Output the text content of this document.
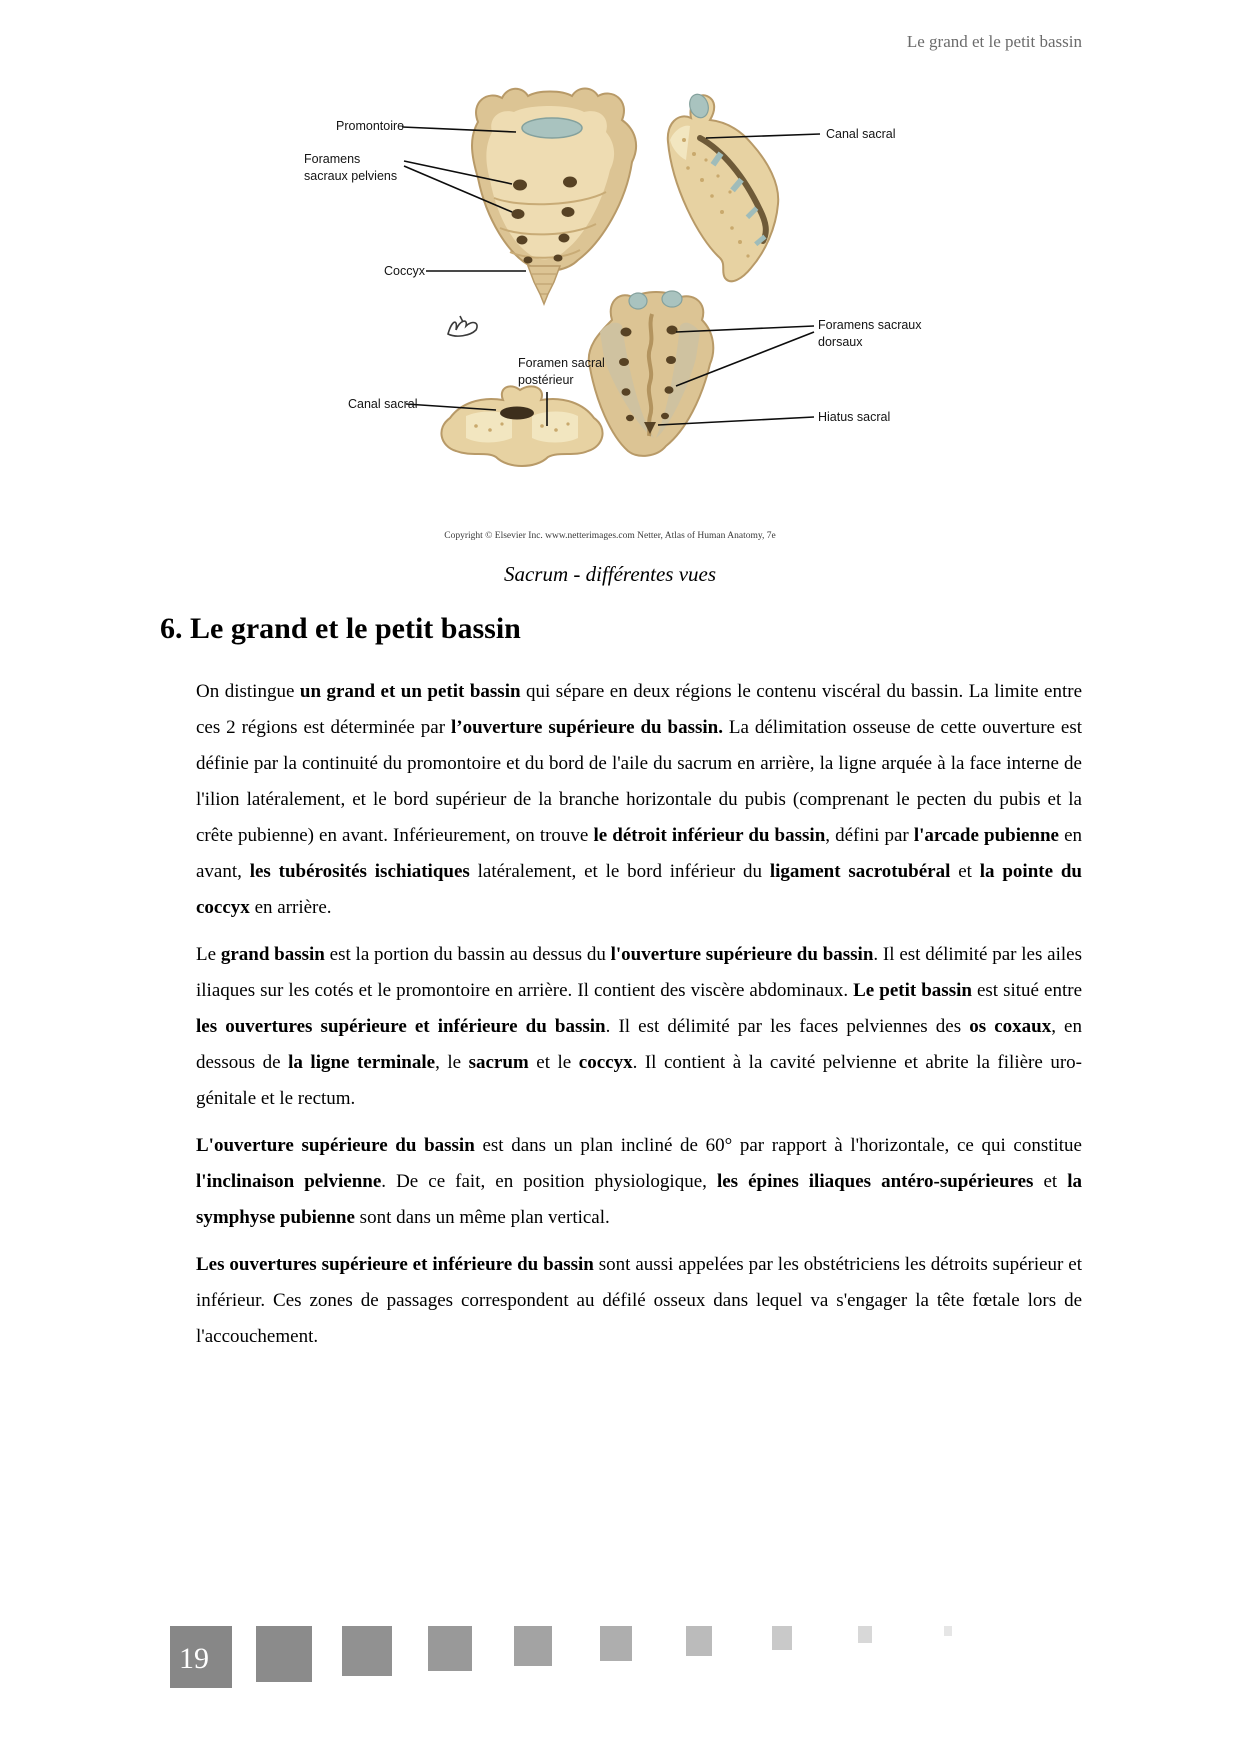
Le grand et le petit bassin
Promontoire
Foramens sacraux pelviens
Coccyx
Canal sacral
Foramen sacral postérieur
Canal sacral
Foramens sacraux dorsaux
Hiatus sacral
Copyright © Elsevier Inc. www.netterimages.com Netter, Atlas of Human Anatomy, 7e
Sacrum - différentes vues
6. Le grand et le petit bassin

On distingue un grand et un petit bassin qui sépare en deux régions le contenu viscéral du bassin. La limite entre ces 2 régions est déterminée par l’ouverture supérieure du bassin. La délimitation osseuse de cette ouverture est définie par la continuité du promontoire et du bord de l'aile du sacrum en arrière, la ligne arquée à la face interne de l'ilion latéralement, et le bord supérieur de la branche horizontale du pubis (comprenant le pecten du pubis et la crête pubienne) en avant. Inférieurement, on trouve le détroit inférieur du bassin, défini par l'arcade pubienne en avant, les tubérosités ischiatiques latéralement, et le bord inférieur du ligament sacrotubéral et la pointe du coccyx en arrière.

Le grand bassin est la portion du bassin au dessus du l'ouverture supérieure du bassin. Il est délimité par les ailes iliaques sur les cotés et le promontoire en arrière. Il contient des viscère abdominaux. Le petit bassin est situé entre les ouvertures supérieure et inférieure du bassin. Il est délimité par les faces pelviennes des os coxaux, en dessous de la ligne terminale, le sacrum et le coccyx. Il contient à la cavité pelvienne et abrite la filière uro-génitale et le rectum.

L'ouverture supérieure du bassin est dans un plan incliné de 60° par rapport à l'horizontale, ce qui constitue l'inclinaison pelvienne. De ce fait, en position physiologique, les épines iliaques antéro-supérieures et la symphyse pubienne sont dans un même plan vertical.

Les ouvertures supérieure et inférieure du bassin sont aussi appelées par les obstétriciens les détroits supérieur et inférieur. Ces zones de passages correspondent au défilé osseux dans lequel va s'engager la tête fœtale lors de l'accouchement.

19
